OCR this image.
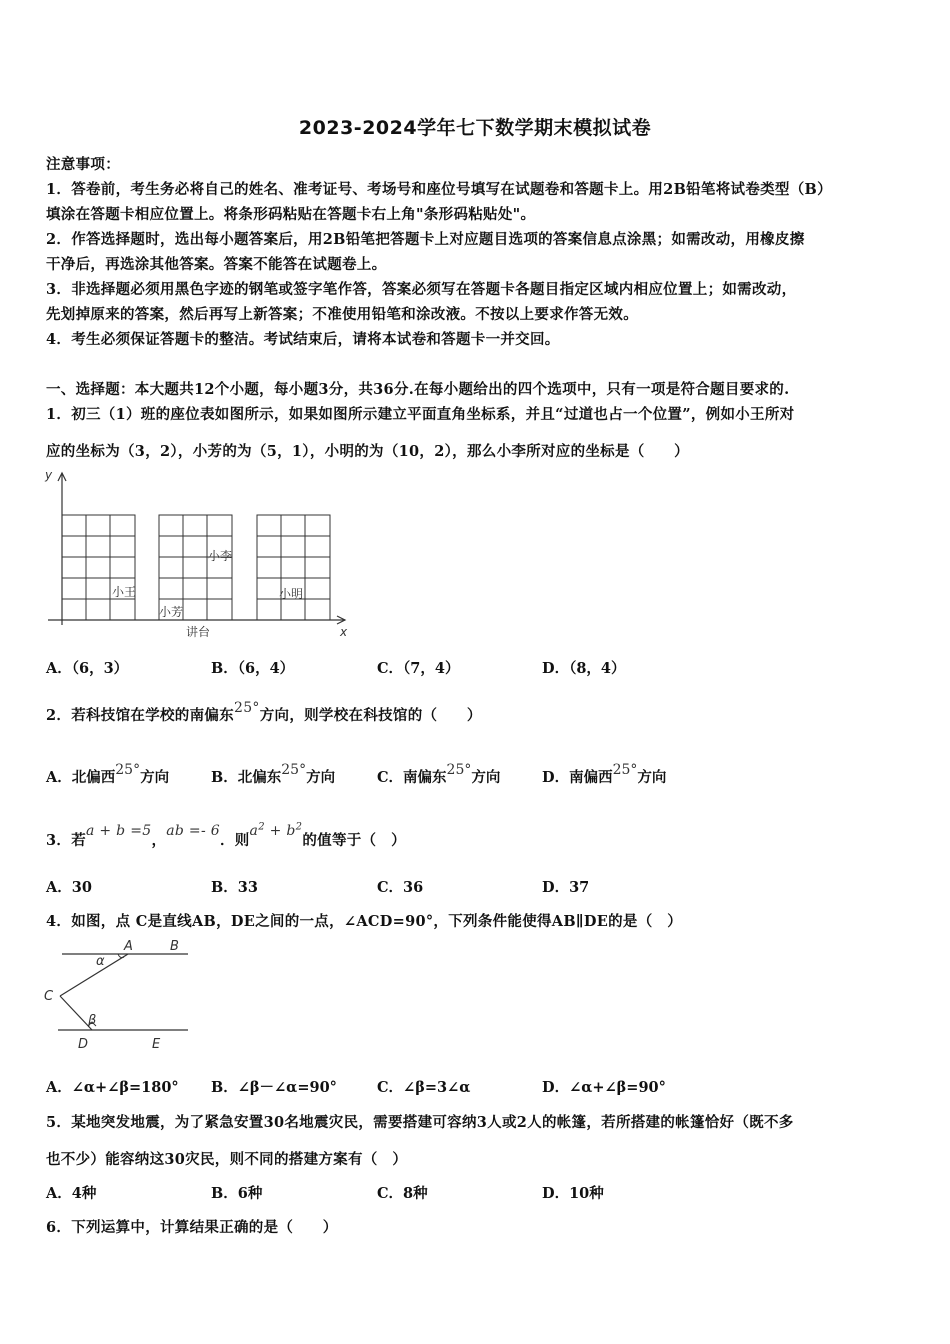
2023-2024学年七下数学期末模拟试卷
注意事项：
1．答卷前，考生务必将自己的姓名、准考证号、考场号和座位号填写在试题卷和答题卡上。用2B铅笔将试卷类型（B）
填涂在答题卡相应位置上。将条形码粘贴在答题卡右上角"条形码粘贴处"。
2．作答选择题时，选出每小题答案后，用2B铅笔把答题卡上对应题目选项的答案信息点涂黑；如需改动，用橡皮擦
干净后，再选涂其他答案。答案不能答在试题卷上。
3．非选择题必须用黑色字迹的钢笔或签字笔作答，答案必须写在答题卡各题目指定区域内相应位置上；如需改动，
先划掉原来的答案，然后再写上新答案；不准使用铅笔和涂改液。不按以上要求作答无效。
4．考生必须保证答题卡的整洁。考试结束后，请将本试卷和答题卡一并交回。
一、选择题：本大题共12个小题，每小题3分，共36分.在每小题给出的四个选项中，只有一项是符合题目要求的.
1．初三（1）班的座位表如图所示，如果如图所示建立平面直角坐标系，并且“过道也占一个位置”，例如小王所对
应的坐标为（3，2），小芳的为（5，1），小明的为（10，2），那么小李所对应的坐标是（　　）
y
x
小王
小芳
小李
小明
讲台
A．（6，3）	B．（6，4）	C．（7，4）	D．（8，4）
2．若科技馆在学校的南偏东25°方向，则学校在科技馆的（　　）
A．北偏西25°方向	B．北偏东25°方向	C．南偏东25°方向	D．南偏西25°方向
3．若a + b =5，ab =- 6．则$a^2 + b^2$的值等于（　）
A．30	B．33	C．36	D．37
4．如图，点 C是直线AB，DE之间的一点，∠ACD=90°，下列条件能使得AB∥DE的是（　）
A	B
C
D	E
α
β
A．∠α+∠β=180° B．∠β－∠α=90°	C．∠β=3∠α	D．∠α+∠β=90°
5．某地突发地震，为了紧急安置30名地震灾民，需要搭建可容纳3人或2人的帐篷，若所搭建的帐篷恰好（既不多
也不少）能容纳这30灾民，则不同的搭建方案有（　）
A．4种	B．6种	C．8种	D．10种
6．下列运算中，计算结果正确的是（　　）
